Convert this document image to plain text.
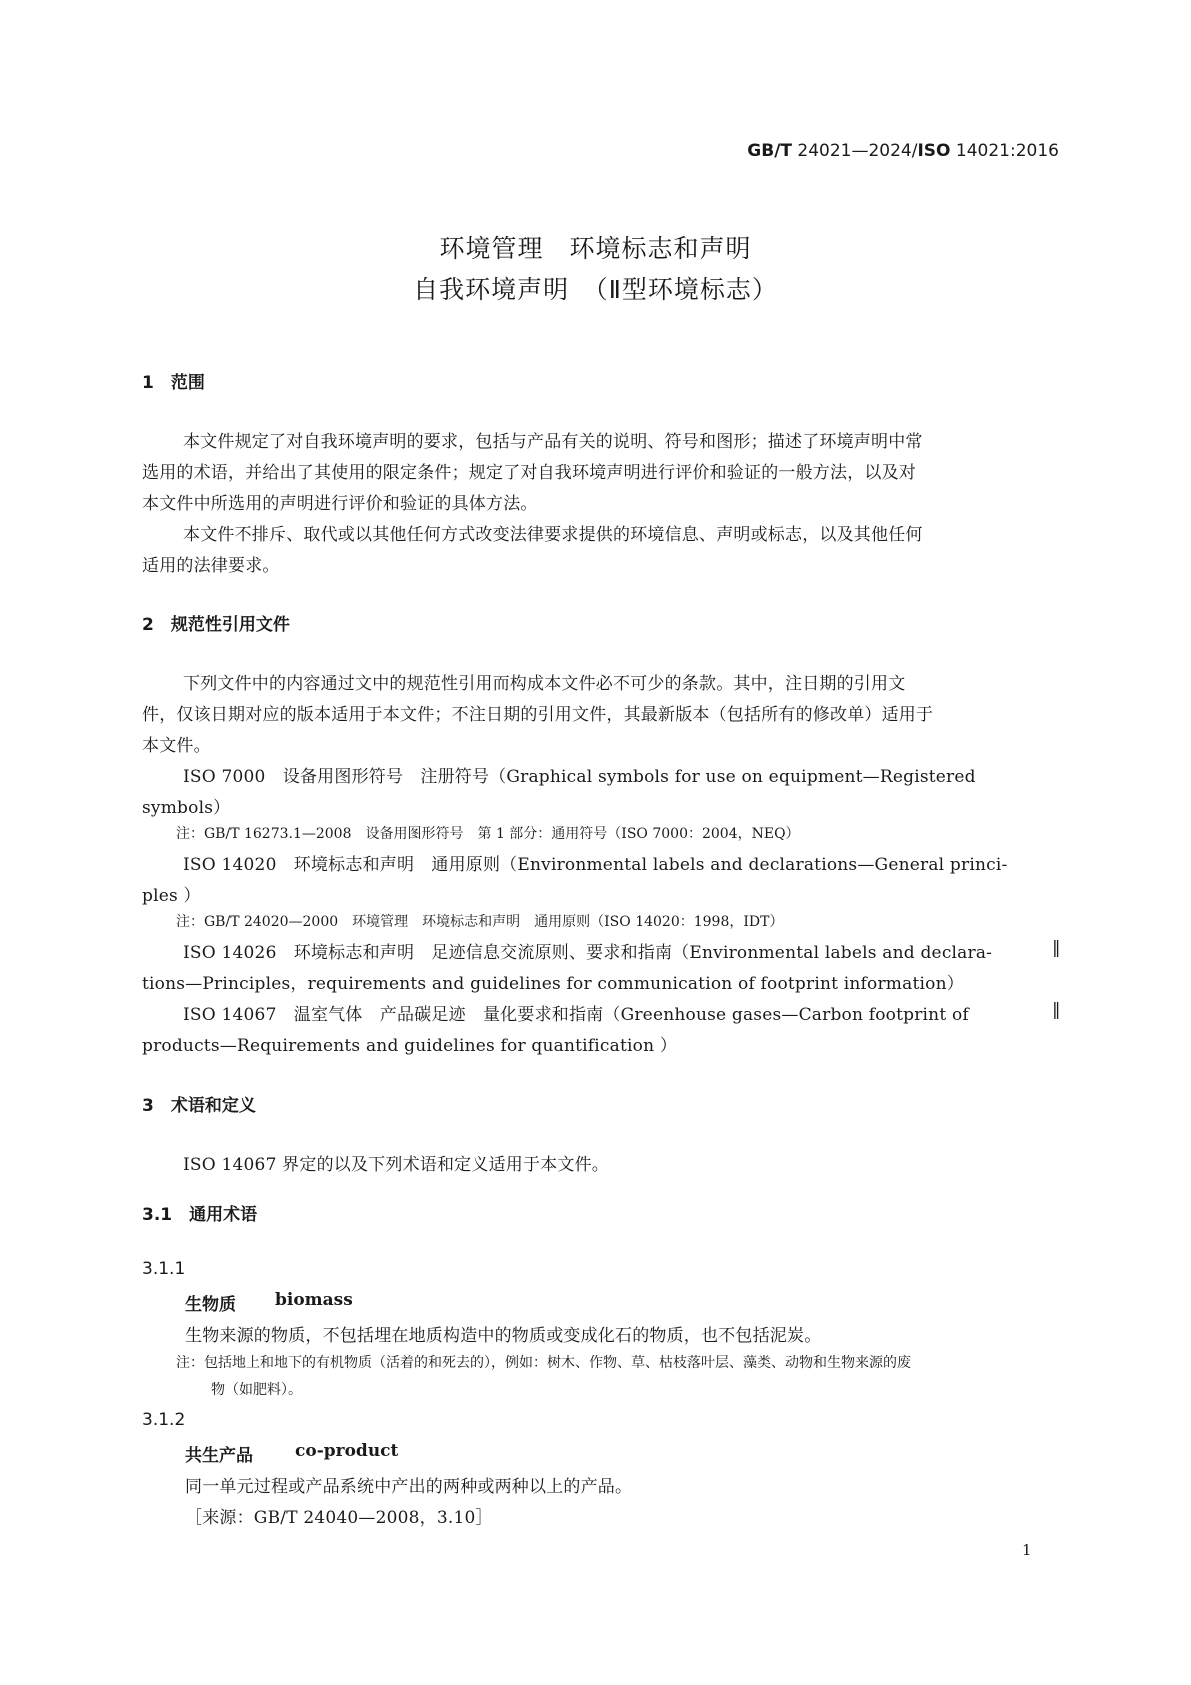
GB/T 24021—2024/ISO 14021:2016
环境管理　环境标志和声明
自我环境声明　（Ⅱ型环境标志）
1　范围
本文件规定了对自我环境声明的要求，包括与产品有关的说明、符号和图形；描述了环境声明中常
选用的术语，并给出了其使用的限定条件；规定了对自我环境声明进行评价和验证的一般方法，以及对
本文件中所选用的声明进行评价和验证的具体方法。
本文件不排斥、取代或以其他任何方式改变法律要求提供的环境信息、声明或标志，以及其他任何
适用的法律要求。
2　规范性引用文件
下列文件中的内容通过文中的规范性引用而构成本文件必不可少的条款。其中，注日期的引用文
件，仅该日期对应的版本适用于本文件；不注日期的引用文件，其最新版本（包括所有的修改单）适用于
本文件。
ISO 7000　设备用图形符号　注册符号（Graphical symbols for use on equipment—Registered
symbols）
注：GB/T 16273.1—2008　设备用图形符号　第 1 部分：通用符号（ISO 7000：2004，NEQ）
ISO 14020　环境标志和声明　通用原则（Environmental labels and declarations—General princi-
ples ）
注：GB/T 24020—2000　环境管理　环境标志和声明　通用原则（ISO 14020：1998，IDT）
ISO 14026　环境标志和声明　足迹信息交流原则、要求和指南（Environmental labels and declara-	‖
tions—Principles，requirements and guidelines for communication of footprint information）
ISO 14067　温室气体　产品碳足迹　量化要求和指南（Greenhouse gases—Carbon footprint of	‖
products—Requirements and guidelines for quantification ）
3　术语和定义
ISO 14067 界定的以及下列术语和定义适用于本文件。
3.1　通用术语
3.1.1
生物质 biomass
生物来源的物质，不包括埋在地质构造中的物质或变成化石的物质，也不包括泥炭。
注：包括地上和地下的有机物质（活着的和死去的），例如：树木、作物、草、枯枝落叶层、藻类、动物和生物来源的废
物（如肥料）。
3.1.2
共生产品 co-product
同一单元过程或产品系统中产出的两种或两种以上的产品。
［来源：GB/T 24040—2008，3.10］
1
